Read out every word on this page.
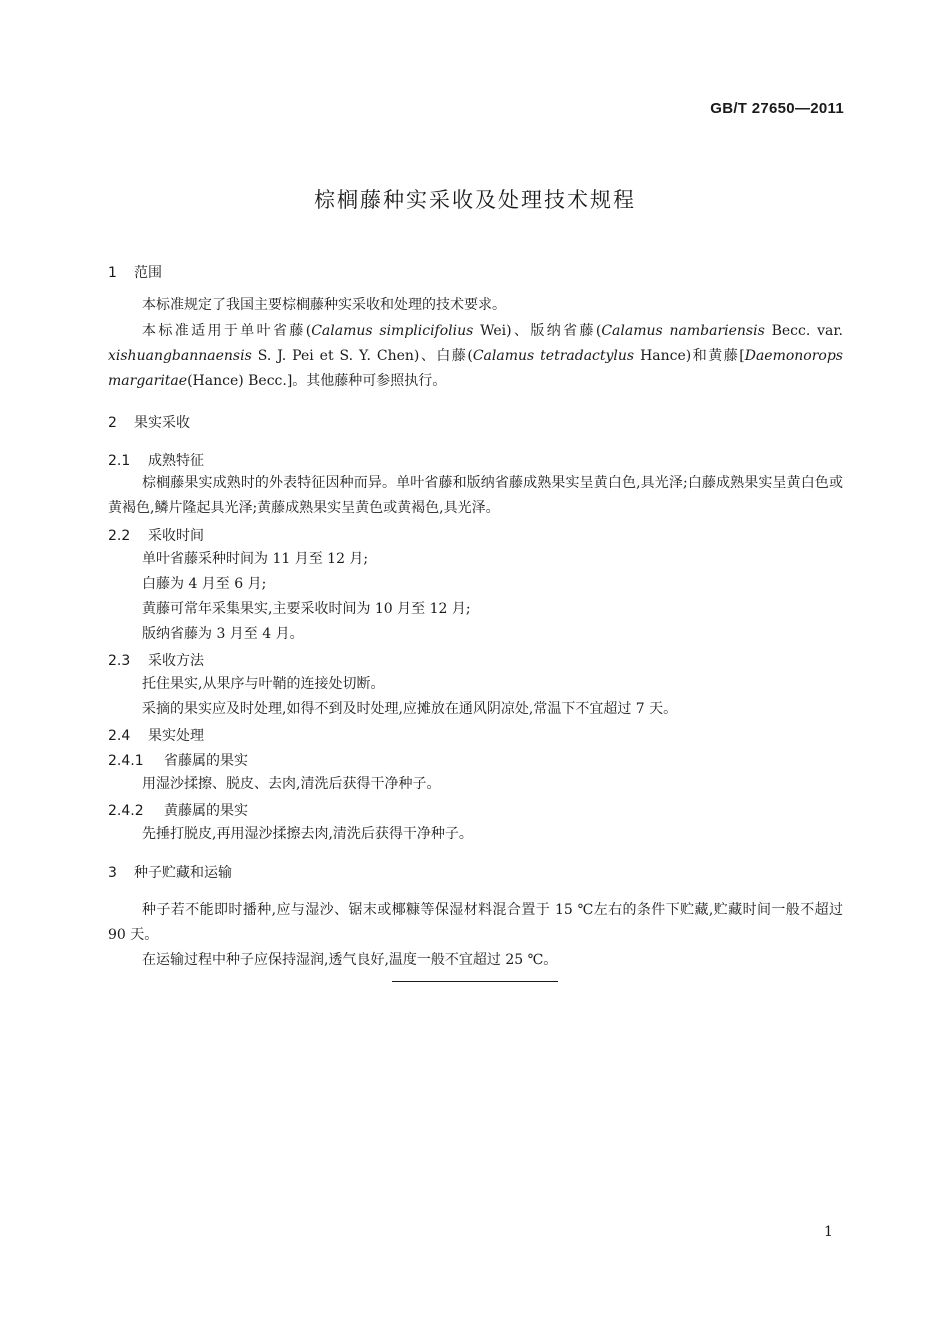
GB/T 27650—2011
棕榈藤种实采收及处理技术规程
1 范围
本标准规定了我国主要棕榈藤种实采收和处理的技术要求。
本标准适用于单叶省藤(Calamus simplicifolius Wei)、版纳省藤(Calamus nambariensis Becc. var. xishuangbannaensis S. J. Pei et S. Y. Chen)、白藤(Calamus tetradactylus Hance)和黄藤[Daemonorops margaritae(Hance) Becc.]。其他藤种可参照执行。
2 果实采收
2.1 成熟特征
棕榈藤果实成熟时的外表特征因种而异。单叶省藤和版纳省藤成熟果实呈黄白色,具光泽;白藤成熟果实呈黄白色或黄褐色,鳞片隆起具光泽;黄藤成熟果实呈黄色或黄褐色,具光泽。
2.2 采收时间
单叶省藤采种时间为 11 月至 12 月;
白藤为 4 月至 6 月;
黄藤可常年采集果实,主要采收时间为 10 月至 12 月;
版纳省藤为 3 月至 4 月。
2.3 采收方法
托住果实,从果序与叶鞘的连接处切断。
采摘的果实应及时处理,如得不到及时处理,应摊放在通风阴凉处,常温下不宜超过 7 天。
2.4 果实处理
2.4.1 省藤属的果实
用湿沙揉擦、脱皮、去肉,清洗后获得干净种子。
2.4.2 黄藤属的果实
先捶打脱皮,再用湿沙揉擦去肉,清洗后获得干净种子。
3 种子贮藏和运输
种子若不能即时播种,应与湿沙、锯末或椰糠等保湿材料混合置于 15 ℃左右的条件下贮藏,贮藏时间一般不超过 90 天。
在运输过程中种子应保持湿润,透气良好,温度一般不宜超过 25 ℃。
1
